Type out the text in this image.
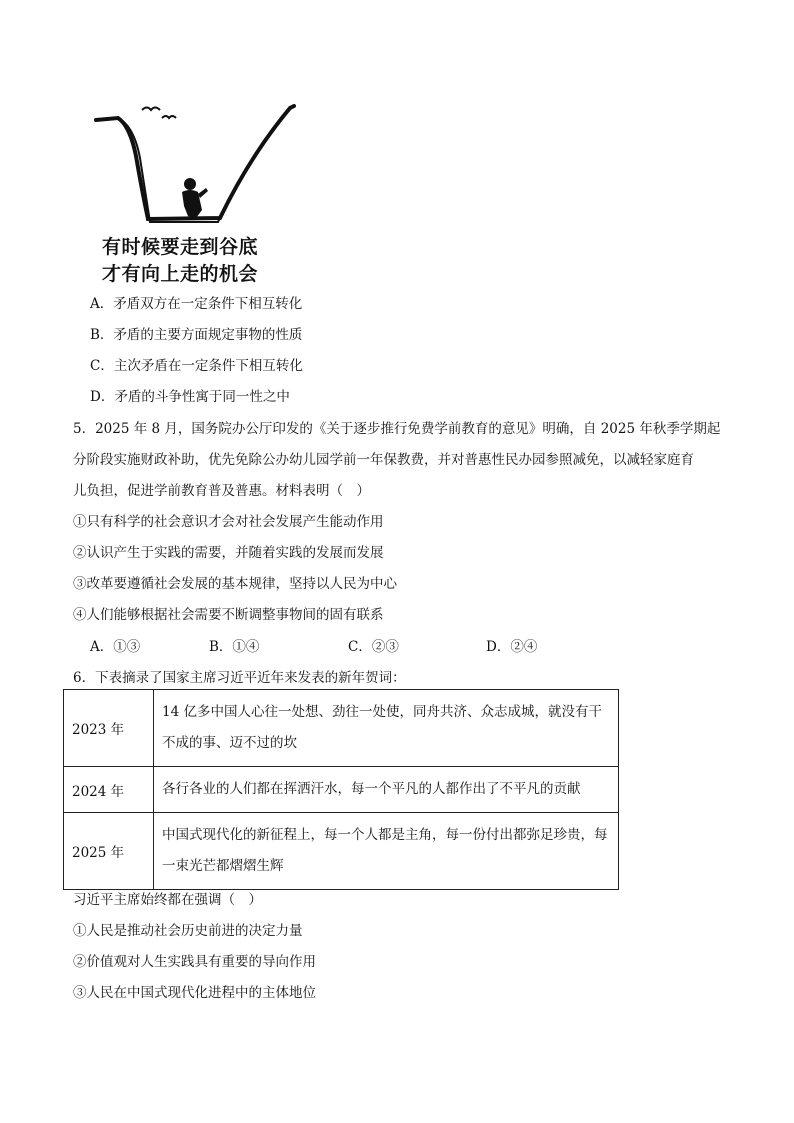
有时候要走到谷底
才有向上走的机会
A．矛盾双方在一定条件下相互转化
B．矛盾的主要方面规定事物的性质
C．主次矛盾在一定条件下相互转化
D．矛盾的斗争性寓于同一性之中
5．2025 年 8 月，国务院办公厅印发的《关于逐步推行免费学前教育的意见》明确，自 2025 年秋季学期起
分阶段实施财政补助，优先免除公办幼儿园学前一年保教费，并对普惠性民办园参照减免，以减轻家庭育
儿负担，促进学前教育普及普惠。材料表明（　）
①只有科学的社会意识才会对社会发展产生能动作用
②认识产生于实践的需要，并随着实践的发展而发展
③改革要遵循社会发展的基本规律，坚持以人民为中心
④人们能够根据社会需要不断调整事物间的固有联系
A．①③	B．①④	C．②③	D．②④
6．下表摘录了国家主席习近平近年来发表的新年贺词：
2023 年	14 亿多中国人心往一处想、劲往一处使，同舟共济、众志成城，就没有干不成的事、迈不过的坎
2024 年	各行各业的人们都在挥洒汗水，每一个平凡的人都作出了不平凡的贡献
2025 年	中国式现代化的新征程上，每一个人都是主角，每一份付出都弥足珍贵，每一束光芒都熠熠生辉
习近平主席始终都在强调（　）
①人民是推动社会历史前进的决定力量
②价值观对人生实践具有重要的导向作用
③人民在中国式现代化进程中的主体地位
